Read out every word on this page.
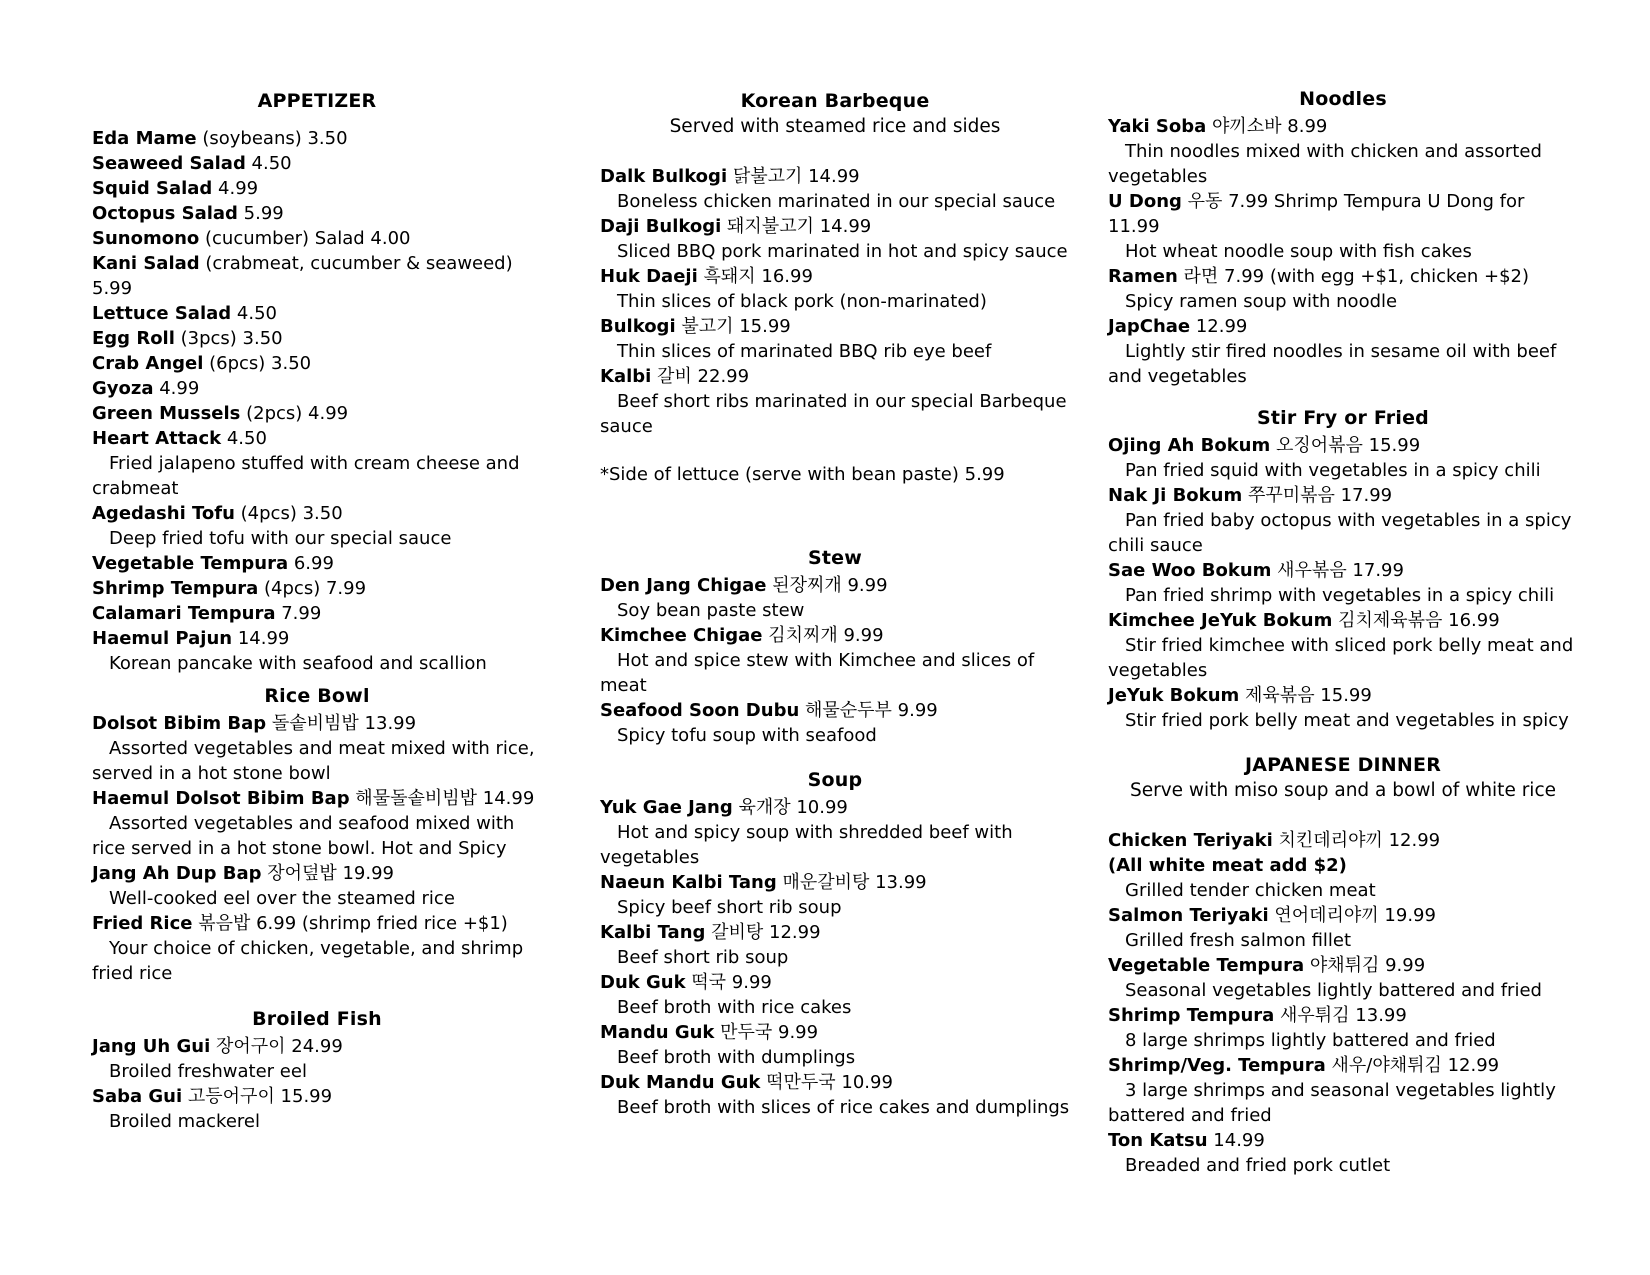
APPETIZER
Eda Mame (soybeans) 3.50
Seaweed Salad 4.50
Squid Salad 4.99
Octopus Salad 5.99
Sunomono (cucumber) Salad 4.00
Kani Salad (crabmeat, cucumber & seaweed) 5.99
Lettuce Salad 4.50
Egg Roll (3pcs) 3.50
Crab Angel (6pcs) 3.50
Gyoza 4.99
Green Mussels (2pcs) 4.99
Heart Attack 4.50
Fried jalapeno stuffed with cream cheese and crabmeat
Agedashi Tofu (4pcs) 3.50
Deep fried tofu with our special sauce
Vegetable Tempura 6.99
Shrimp Tempura (4pcs) 7.99
Calamari Tempura 7.99
Haemul Pajun 14.99
Korean pancake with seafood and scallion
Rice Bowl
Dolsot Bibim Bap 돌솥비빔밥 13.99
Assorted vegetables and meat mixed with rice, served in a hot stone bowl
Haemul Dolsot Bibim Bap 해물돌솥비빔밥 14.99
Assorted vegetables and seafood mixed with rice served in a hot stone bowl. Hot and Spicy
Jang Ah Dup Bap 장어덮밥 19.99
Well-cooked eel over the steamed rice
Fried Rice 볶음밥 6.99 (shrimp fried rice +$1)
Your choice of chicken, vegetable, and shrimp fried rice
Broiled Fish
Jang Uh Gui 장어구이 24.99
Broiled freshwater eel
Saba Gui 고등어구이 15.99
Broiled mackerel
Korean Barbeque
Served with steamed rice and sides
Dalk Bulkogi 닭불고기 14.99
Boneless chicken marinated in our special sauce
Daji Bulkogi 돼지불고기 14.99
Sliced BBQ pork marinated in hot and spicy sauce
Huk Daeji 흑돼지 16.99
Thin slices of black pork (non-marinated)
Bulkogi 불고기 15.99
Thin slices of marinated BBQ rib eye beef
Kalbi 갈비 22.99
Beef short ribs marinated in our special Barbeque sauce
*Side of lettuce (serve with bean paste) 5.99
Stew
Den Jang Chigae 된장찌개 9.99
Soy bean paste stew
Kimchee Chigae 김치찌개 9.99
Hot and spice stew with Kimchee and slices of meat
Seafood Soon Dubu 해물순두부 9.99
Spicy tofu soup with seafood
Soup
Yuk Gae Jang 육개장 10.99
Hot and spicy soup with shredded beef with vegetables
Naeun Kalbi Tang 매운갈비탕 13.99
Spicy beef short rib soup
Kalbi Tang 갈비탕 12.99
Beef short rib soup
Duk Guk 떡국 9.99
Beef broth with rice cakes
Mandu Guk 만두국 9.99
Beef broth with dumplings
Duk Mandu Guk 떡만두국 10.99
Beef broth with slices of rice cakes and dumplings
Noodles
Yaki Soba 야끼소바 8.99
Thin noodles mixed with chicken and assorted vegetables
U Dong 우동 7.99 Shrimp Tempura U Dong for 11.99
Hot wheat noodle soup with fish cakes
Ramen 라면 7.99 (with egg +$1, chicken +$2)
Spicy ramen soup with noodle
JapChae 12.99
Lightly stir fired noodles in sesame oil with beef and vegetables
Stir Fry or Fried
Ojing Ah Bokum 오징어볶음 15.99
Pan fried squid with vegetables in a spicy chili
Nak Ji Bokum 쭈꾸미볶음 17.99
Pan fried baby octopus with vegetables in a spicy chili sauce
Sae Woo Bokum 새우볶음 17.99
Pan fried shrimp with vegetables in a spicy chili
Kimchee JeYuk Bokum 김치제육볶음 16.99
Stir fried kimchee with sliced pork belly meat and vegetables
JeYuk Bokum 제육볶음 15.99
Stir fried pork belly meat and vegetables in spicy
JAPANESE DINNER
Serve with miso soup and a bowl of white rice
Chicken Teriyaki 치킨데리야끼 12.99
(All white meat add $2)
Grilled tender chicken meat
Salmon Teriyaki 연어데리야끼 19.99
Grilled fresh salmon fillet
Vegetable Tempura 야채튀김 9.99
Seasonal vegetables lightly battered and fried
Shrimp Tempura 새우튀김 13.99
8 large shrimps lightly battered and fried
Shrimp/Veg. Tempura 새우/야채튀김 12.99
3 large shrimps and seasonal vegetables lightly battered and fried
Ton Katsu 14.99
Breaded and fried pork cutlet
